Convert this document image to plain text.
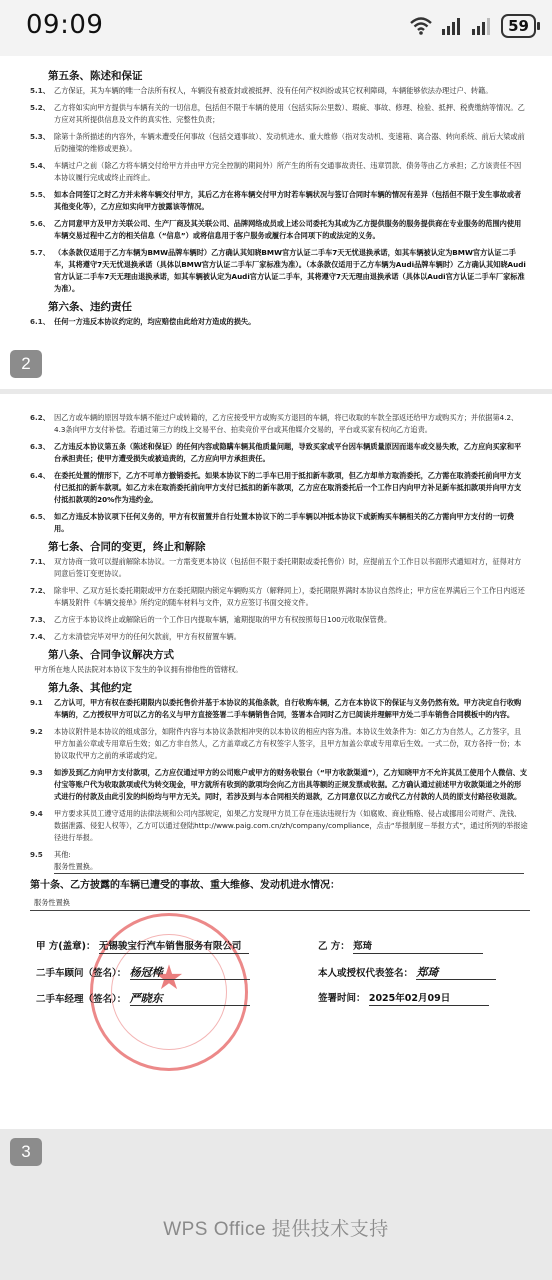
09:09	59
第五条、陈述和保证
5.1、 乙方保证，其为车辆的唯一合法所有权人，车辆没有被查封或被抵押、没有任何产权纠纷或其它权利障碍，车辆能够依法办理过户、转籍。
5.2、 乙方将如实向甲方提供与车辆有关的一切信息，包括但不限于车辆的使用（包括实际公里数）、瑕疵、事故、修理、检验、抵押、税费缴纳等情况。乙方应对其所提供信息及文件的真实性、完整性负责；
5.3、 除第十条所描述的内容外，车辆未遭受任何事故（包括交通事故）、发动机进水、重大维修（指对发动机、变速箱、离合器、转向系统、前后大梁或前后防撞梁的维修或更换）。
5.4、 车辆过户之前（除乙方将车辆交付给甲方并由甲方完全控制的期间外）所产生的所有交通事故责任、违章罚款、债务等由乙方承担；乙方该责任不因本协议履行完成或终止而终止。
5.5、 如本合同签订之时乙方并未将车辆交付甲方，其后乙方在将车辆交付甲方时若车辆状况与签订合同时车辆的情况有差异（包括但不限于发生事故或者其他变化等），乙方应如实向甲方披露该等情况。
5.6、 乙方同意甲方及甲方关联公司、生产厂商及其关联公司、品牌网络成员或上述公司委托为其或为乙方提供服务的服务提供商在专业服务的范围内使用车辆交易过程中乙方的相关信息（“信息”）或将信息用于客户服务或履行本合同项下的或法定的义务。
5.7、 （本条款仅适用于乙方车辆为BMW品牌车辆时）乙方确认其知晓BMW官方认证二手车7天无忧退换承诺，如其车辆被认定为BMW官方认证二手车，其将遵守7天无忧退换承诺（具体以BMW官方认证二手车厂家标准为准）。（本条款仅适用于乙方车辆为Audi品牌车辆时）乙方确认其知晓Audi官方认证二手车7天无理由退换承诺，如其车辆被认定为Audi官方认证二手车，其将遵守7天无理由退换承诺（具体以Audi官方认证二手车厂家标准为准）。
第六条、违约责任
6.1、 任何一方违反本协议约定的，均应赔偿由此给对方造成的损失。
2
6.2、 因乙方或车辆的原因导致车辆不能过户或转籍的，乙方应接受甲方或购买方退回的车辆，将已收取的车款全部返还给甲方或购买方；并依据第4.2、4.3条向甲方支付补偿。若通过第三方的线上交易平台、拍卖竞价平台或其他媒介交易的，平台或买家有权向乙方追责。
6.3、 乙方违反本协议第五条（陈述和保证）的任何内容或隐瞒车辆其他质量问题，导致买家或平台因车辆质量原因而退车或交易失败，乙方应向买家和平台承担责任；使甲方遭受损失或被追责的，乙方应向甲方承担责任。
6.4、 在委托处置的情形下，乙方不可单方撤销委托。如果本协议下的二手车已用于抵扣新车款项，但乙方却单方取消委托，乙方需在取消委托前向甲方支付已抵扣的新车款项。如乙方未在取消委托前向甲方支付已抵扣的新车款项，乙方应在取消委托后一个工作日内向甲方补足新车抵扣款项并向甲方支付抵扣款项的20%作为违约金。
6.5、 如乙方违反本协议项下任何义务的，甲方有权留置并自行处置本协议下的二手车辆以冲抵本协议下或新购买车辆相关的乙方需向甲方支付的一切费用。
第七条、合同的变更，终止和解除
7.1、 双方协商一致可以提前解除本协议。一方需变更本协议（包括但不限于委托期限或委托售价）时，应提前五个工作日以书面形式通知对方，征得对方同意后签订变更协议。
7.2、 除非甲、乙双方延长委托期限或甲方在委托期限内锁定车辆购买方（解释同上），委托期限界满时本协议自然终止；甲方应在界满后三个工作日内返还车辆及附件《车辆交接单》所约定的随车材料与文件，双方应签订书面交接文件。
7.3、 乙方应于本协议终止或解除后的一个工作日内提取车辆，逾期提取的甲方有权按照每日100元收取保管费。
7.4、 乙方未清偿完毕对甲方的任何欠款前，甲方有权留置车辆。
第八条、合同争议解决方式
甲方所在地人民法院对本协议下发生的争议拥有排他性的管辖权。
第九条、其他约定
9.1	乙方认可，甲方有权在委托期限内以委托售价并基于本协议的其他条款，自行收购车辆，乙方在本协议下的保证与义务仍然有效。甲方决定自行收购车辆的，乙方授权甲方可以乙方的名义与甲方直接签署二手车辆销售合同，签署本合同时乙方已阅读并理解甲方处二手车销售合同模板中的内容。
9.2	本协议附件是本协议的组成部分，如附件内容与本协议条款相冲突的以本协议的相应内容为准。本协议生效条件为：如乙方为自然人，乙方签字，且甲方加盖公章或专用章后生效；如乙方非自然人，乙方盖章或乙方有权签字人签字，且甲方加盖公章或专用章后生效。一式二份，双方各持一份；本协议取代甲方之前的承诺或约定。
9.3	如涉及到乙方向甲方支付款项，乙方应仅通过甲方的公司账户或甲方的财务收银台（“甲方收款渠道”），乙方知晓甲方不允许其员工使用个人微信、支付宝等账户代为收取款项或代为转交现金，甲方就所有收到的款项均会向乙方出具等额的正规发票或收据。乙方确认通过前述甲方收款渠道之外的形式进行的付款及由此引发的纠纷均与甲方无关。同时，若涉及到与本合同相关的退款，乙方同意仅以乙方或代乙方付款的人员的原支付路径收退款。
9.4	甲方要求其员工遵守适用的法律法规和公司内部规定，如果乙方发现甲方员工存在违法违规行为（如腐败、商业贿赂、侵占或挪用公司财产、洗钱、数据泄露、侵犯人权等），乙方可以通过登陆http://www.paig.com.cn/zh/company/compliance，点击“举报制度－举报方式”，通过所列的举报途径进行举报。
9.5	其他:
服务性置换。
第十条、乙方披露的车辆已遭受的事故、重大维修、发动机进水情况：
服务性置换
★
甲 方(盖章)： 无锡骏宝行汽车销售服务有限公司
二手车顾问（签名）： 杨冠桦
二手车经理（签名）： 严晓东
乙 方： 郑琦
本人或授权代表签名： 郑琦
签署时间： 2025年02月09日
3
WPS Office 提供技术支持
